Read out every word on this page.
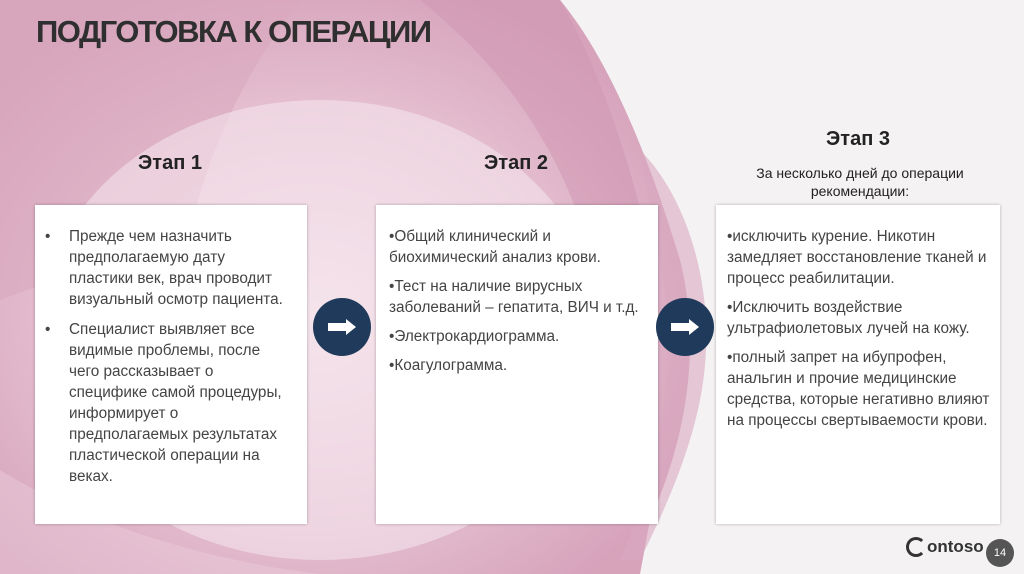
ПОДГОТОВКА К ОПЕРАЦИИ
Этап 1	Этап 2
Этап 3
За несколько дней до операции рекомендации:
• Прежде чем назначить предполагаемую дату пластики век, врач проводит визуальный осмотр пациента.
• Специалист выявляет все видимые проблемы, после чего рассказывает о специфике самой процедуры, информирует о предполагаемых результатах пластической операции на веках.

•Общий клинический и биохимический анализ крови.

•Тест на наличие вирусных заболеваний – гепатита, ВИЧ и т.д.

•Электрокардиограмма.

•Коагулограмма.

•исключить курение. Никотин замедляет восстановление тканей и процесс реабилитации.

•Исключить воздействие ультрафиолетовых лучей на кожу.

•полный запрет на ибупрофен, анальгин и прочие медицинские средства, которые негативно влияют на процессы свертываемости крови.

ontoso 14
